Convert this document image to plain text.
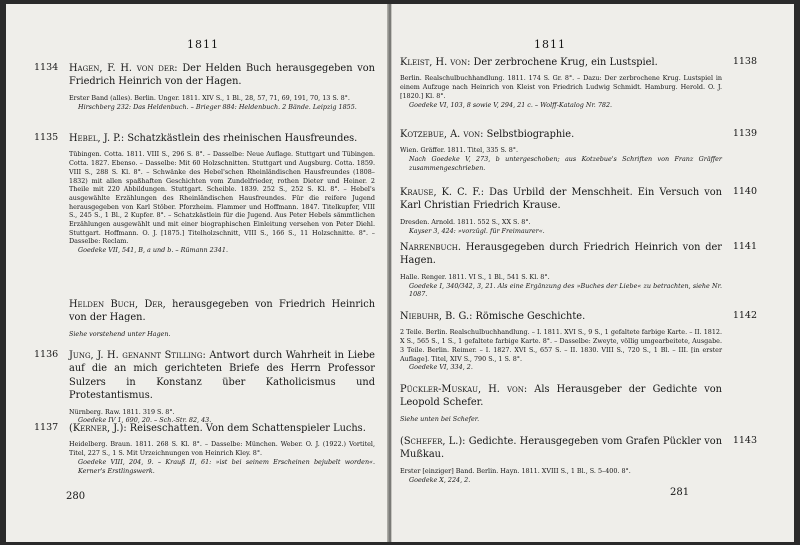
1811
1134 Hagen, F. H. von der: Der Helden Buch herausgegeben von Friedrich Heinrich von der Hagen.

Erster Band (alles). Berlin. Unger. 1811. XIV S., 1 Bl., 28, 57, 71, 69, 191, 70, 13 S. 8°.
Hirschberg 232: Das Heldenbuch. – Brieger 884: Heldenbuch. 2 Bände. Leipzig 1855.
1135 Hebel, J. P.: Schatzkästlein des rheinischen Hausfreundes.

Tübingen. Cotta. 1811. VIII S., 296 S. 8°. – Dasselbe: Neue Auflage. Stuttgart und Tübingen. Cotta. 1827. Ebenso. – Dasselbe: Mit 60 Holzschnitten. Stuttgart und Augsburg. Cotta. 1859. VIII S., 288 S. Kl. 8°. – Schwänke des Hebel'schen Rheinländischen Hausfreundes (1808–1832) mit allen spaßhaften Geschichten vom Zundelfrieder, rothen Dieter und Heiner. 2 Theile mit 220 Abbildungen. Stuttgart. Scheible. 1839. 252 S., 252 S. Kl. 8°. – Hebel's ausgewählte Erzählungen des Rheinländischen Hausfreundes. Für die reifere Jugend herausgegeben von Karl Stöber. Pforzheim. Flammer und Hoffmann. 1847. Titelkupfer, VIII S., 245 S., 1 Bl., 2 Kupfer. 8°. – Schatzkästlein für die Jugend. Aus Peter Hebels sämmtlichen Erzählungen ausgewählt und mit einer biographischen Einleitung versehen von Peter Diehl. Stuttgart. Hoffmann. O. J. [1875.] Titelholzschnitt, VIII S., 166 S., 11 Holzschnitte. 8°. – Dasselbe: Reclam.
Goedeke VII, 541, B, a und b. – Rümann 2341.

Helden Buch, Der, herausgegeben von Friedrich Heinrich von der Hagen.

Siehe vorstehend unter Hagen.
1136 Jung, J. H. genannt Stilling: Antwort durch Wahrheit in Liebe auf die an mich gerichteten Briefe des Herrn Professor Sulzers in Konstanz über Katholicismus und Protestantismus.

Nürnberg. Raw. 1811. 319 S. 8°.
Goedeke IV 1, 690, 20. – Sch.-Str. 82, 43.
1137 (Kerner, J.): Reiseschatten. Von dem Schattenspieler Luchs.

Heidelberg. Braun. 1811. 268 S. Kl. 8°. – Dasselbe: München. Weber. O. J. (1922.) Vortitel, Titel, 227 S., 1 S. Mit Urzeichnungen von Heinrich Kley. 8°.
Goedeke VIII, 204, 9. – Krauß II, 61: »ist bei seinem Erscheinen bejubelt worden«. Kerner's Erstlingswerk.
280
1811
1138

Kleist, H. von: Der zerbrochene Krug, ein Lustspiel.

Berlin. Realschulbuchhandlung. 1811. 174 S. Gr. 8°. – Dazu: Der zerbrochene Krug. Lustspiel in einem Aufzuge nach Heinrich von Kleist von Friedrich Ludwig Schmidt. Hamburg. Herold. O. J. [1820.] Kl. 8°.
Goedeke VI, 103, 8 sowie V, 294, 21 c. – Wolff-Katalog Nr. 782.
1139

Kotzebue, A. von: Selbstbiographie.

Wien. Gräffer. 1811. Titel, 335 S. 8°.
Nach Goedeke V, 273, b untergeschoben; aus Kotzebue's Schriften von Franz Gräffer zusammengeschrieben.
1140

Krause, K. C. F.: Das Urbild der Menschheit. Ein Versuch von Karl Christian Friedrich Krause.

Dresden. Arnold. 1811. 552 S., XX S. 8°.
Kayser 3, 424: »vorzügl. für Freimaurer«.
1141

Narrenbuch. Herausgegeben durch Friedrich Heinrich von der Hagen.

Halle. Renger. 1811. VI S., 1 Bl., 541 S. Kl. 8°.
Goedeke I, 340/342, 3, 21. Als eine Ergänzung des »Buches der Liebe« zu betrachten, siehe Nr. 1087.
1142

Niebuhr, B. G.: Römische Geschichte.

2 Teile. Berlin. Realschulbuchhandlung. – I. 1811. XVI S., 9 S., 1 gefaltete farbige Karte. – II. 1812. X S., 565 S., 1 S., 1 gefaltete farbige Karte. 8°. – Dasselbe: Zweyte, völlig umgearbeitete, Ausgabe. 3 Teile. Berlin. Reimer. – I. 1827. XVI S., 657 S. – II. 1830. VIII S., 720 S., 1 Bl. – III. [in erster Auflage]. Titel, XIV S., 790 S., 1 S. 8°.
Goedeke VI, 334, 2.

Pückler-Muskau, H. von: Als Herausgeber der Gedichte von Leopold Schefer.

Siehe unten bei Schefer.
1143

(Schefer, L.): Gedichte. Herausgegeben vom Grafen Pückler von Mußkau.

Erster [einziger] Band. Berlin. Hayn. 1811. XVIII S., 1 Bl., S. 5–400. 8°.
Goedeke X, 224, 2.
281
